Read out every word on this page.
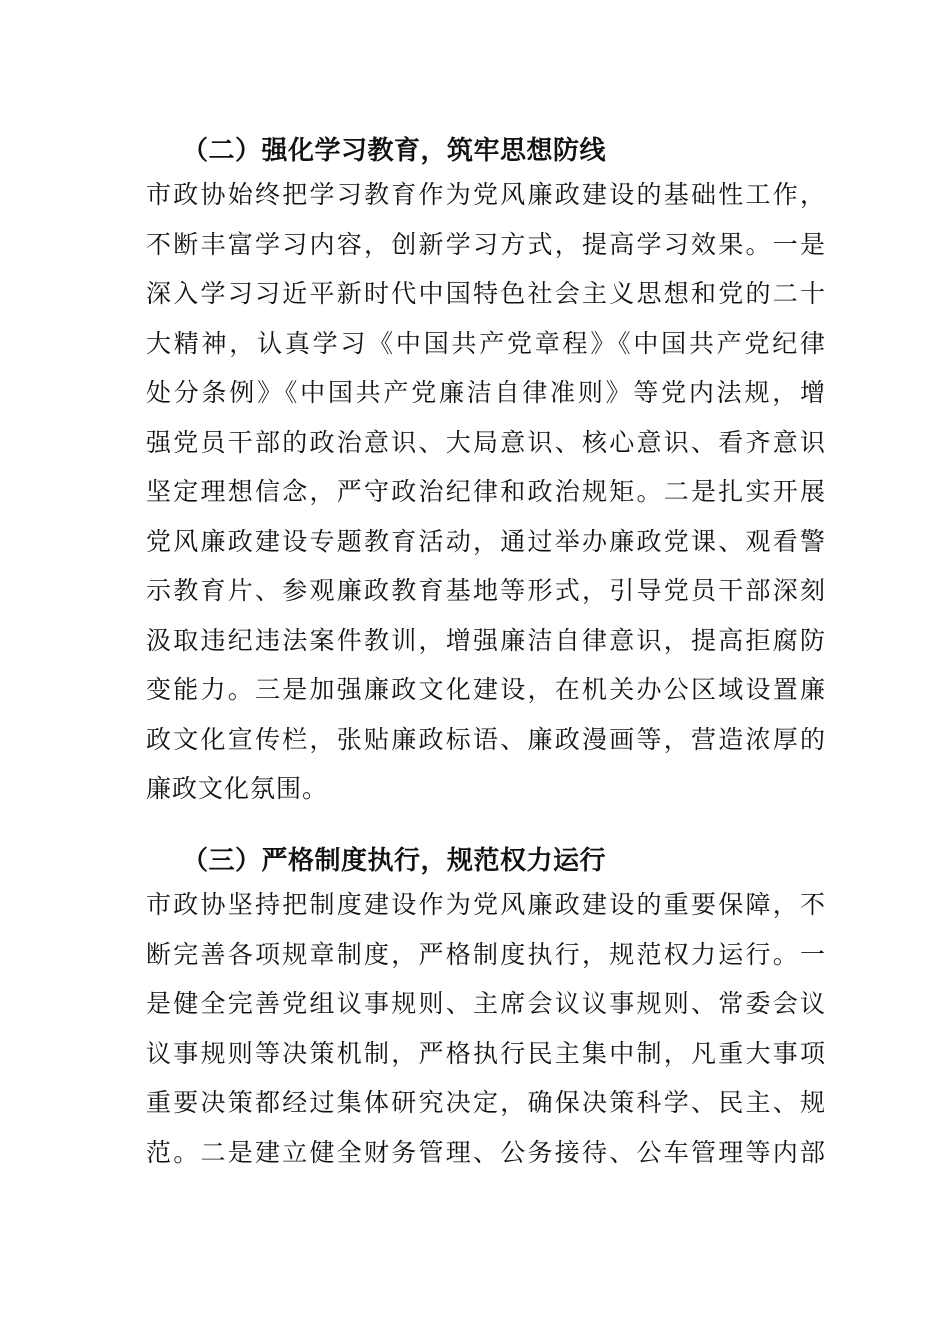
（二）强化学习教育，筑牢思想防线
市政协始终把学习教育作为党风廉政建设的基础性工作，
不断丰富学习内容，创新学习方式，提高学习效果。一是
深入学习习近平新时代中国特色社会主义思想和党的二十
大精神，认真学习《中国共产党章程》《中国共产党纪律
处分条例》《中国共产党廉洁自律准则》等党内法规，增
强党员干部的政治意识、大局意识、核心意识、看齐意识
坚定理想信念，严守政治纪律和政治规矩。二是扎实开展
党风廉政建设专题教育活动，通过举办廉政党课、观看警
示教育片、参观廉政教育基地等形式，引导党员干部深刻
汲取违纪违法案件教训，增强廉洁自律意识，提高拒腐防
变能力。三是加强廉政文化建设，在机关办公区域设置廉
政文化宣传栏，张贴廉政标语、廉政漫画等，营造浓厚的
廉政文化氛围。
（三）严格制度执行，规范权力运行
市政协坚持把制度建设作为党风廉政建设的重要保障，不
断完善各项规章制度，严格制度执行，规范权力运行。一
是健全完善党组议事规则、主席会议议事规则、常委会议
议事规则等决策机制，严格执行民主集中制，凡重大事项
重要决策都经过集体研究决定，确保决策科学、民主、规
范。二是建立健全财务管理、公务接待、公车管理等内部
